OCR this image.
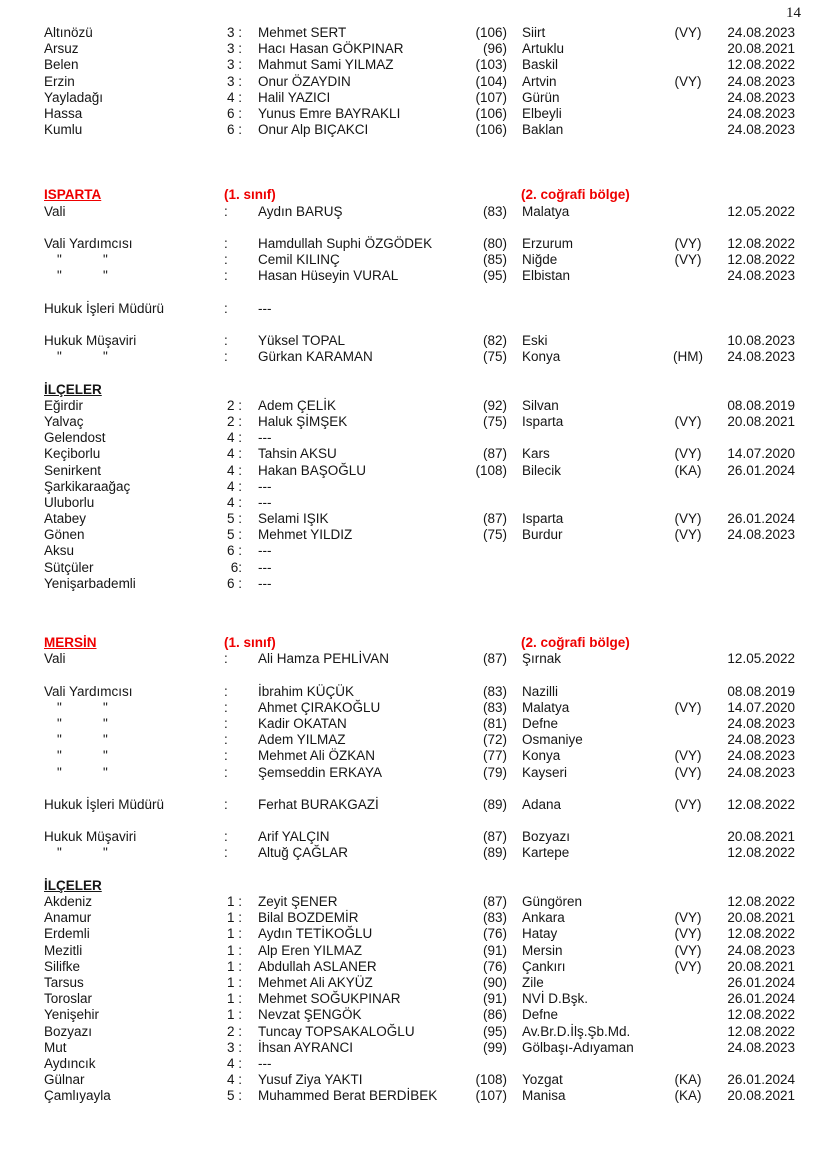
14
Altınözü	3 : Mehmet SERT	(106) Siirt	(VY)	24.08.2023
Arsuz	3 : Hacı Hasan GÖKPINAR	(96) Artuklu	20.08.2021
Belen	3 : Mahmut Sami YILMAZ	(103) Baskil	12.08.2022
Erzin	3 : Onur ÖZAYDIN	(104) Artvin	(VY)	24.08.2023
Yayladağı	4 : Halil YAZICI	(107) Gürün	24.08.2023
Hassa	6 : Yunus Emre BAYRAKLI	(106) Elbeyli	24.08.2023
Kumlu	6 : Onur Alp BIÇAKCI	(106) Baklan	24.08.2023
ISPARTA	(1. sınıf)	(2. coğrafi bölge)
Vali	: Aydın BARUŞ	(83) Malatya	12.05.2022
Vali Yardımcısı	: Hamdullah Suphi ÖZGÖDEK	(80) Erzurum	(VY)	12.08.2022
"	"	: Cemil KILINÇ	(85) Niğde	(VY)	12.08.2022
"	"	: Hasan Hüseyin VURAL	(95) Elbistan	24.08.2023
Hukuk İşleri Müdürü	: ---
Hukuk Müşaviri	: Yüksel TOPAL	(82) Eski	10.08.2023
"	"	: Gürkan KARAMAN	(75) Konya	(HM)	24.08.2023
İLÇELER
Eğirdir	2 : Adem ÇELİK	(92) Silvan	08.08.2019
Yalvaç	2 : Haluk ŞİMŞEK	(75) Isparta	(VY)	20.08.2021
Gelendost	4 : ---
Keçiborlu	4 : Tahsin AKSU	(87) Kars	(VY)	14.07.2020
Senirkent	4 : Hakan BAŞOĞLU	(108) Bilecik	(KA)	26.01.2024
Şarkikaraağaç	4 : ---
Uluborlu	4 : ---
Atabey	5 : Selami IŞIK	(87) Isparta	(VY)	26.01.2024
Gönen	5 : Mehmet YILDIZ	(75) Burdur	(VY)	24.08.2023
Aksu	6 : ---
Sütçüler	6: ---
Yenişarbademli	6 : ---
MERSİN	(1. sınıf)	(2. coğrafi bölge)
Vali	: Ali Hamza PEHLİVAN	(87) Şırnak	12.05.2022
Vali Yardımcısı	: İbrahim KÜÇÜK	(83) Nazilli	08.08.2019
"	"	: Ahmet ÇIRAKOĞLU	(83) Malatya	(VY)	14.07.2020
"	"	: Kadir OKATAN	(81) Defne	24.08.2023
"	"	: Adem YILMAZ	(72) Osmaniye	24.08.2023
"	"	: Mehmet Ali ÖZKAN	(77) Konya	(VY)	24.08.2023
"	"	: Şemseddin ERKAYA	(79) Kayseri	(VY)	24.08.2023
Hukuk İşleri Müdürü	: Ferhat BURAKGAZİ	(89) Adana	(VY)	12.08.2022
Hukuk Müşaviri	: Arif YALÇIN	(87) Bozyazı	20.08.2021
"	"	: Altuğ ÇAĞLAR	(89) Kartepe	12.08.2022
İLÇELER
Akdeniz	1 : Zeyit ŞENER	(87) Güngören	12.08.2022
Anamur	1 : Bilal BOZDEMİR	(83) Ankara	(VY)	20.08.2021
Erdemli	1 : Aydın TETİKOĞLU	(76) Hatay	(VY)	12.08.2022
Mezitli	1 : Alp Eren YILMAZ	(91) Mersin	(VY)	24.08.2023
Silifke	1 : Abdullah ASLANER	(76) Çankırı	(VY)	20.08.2021
Tarsus	1 : Mehmet Ali AKYÜZ	(90) Zile	26.01.2024
Toroslar	1 : Mehmet SOĞUKPINAR	(91) NVİ D.Bşk.	26.01.2024
Yenişehir	1 : Nevzat ŞENGÖK	(86) Defne	12.08.2022
Bozyazı	2 : Tuncay TOPSAKALOĞLU	(95) Av.Br.D.İlş.Şb.Md.	12.08.2022
Mut	3 : İhsan AYRANCI	(99) Gölbaşı-Adıyaman	24.08.2023
Aydıncık	4 : ---
Gülnar	4 : Yusuf Ziya YAKTI	(108) Yozgat	(KA)	26.01.2024
Çamlıyayla	5 : Muhammed Berat BERDİBEK	(107) Manisa	(KA)	20.08.2021
